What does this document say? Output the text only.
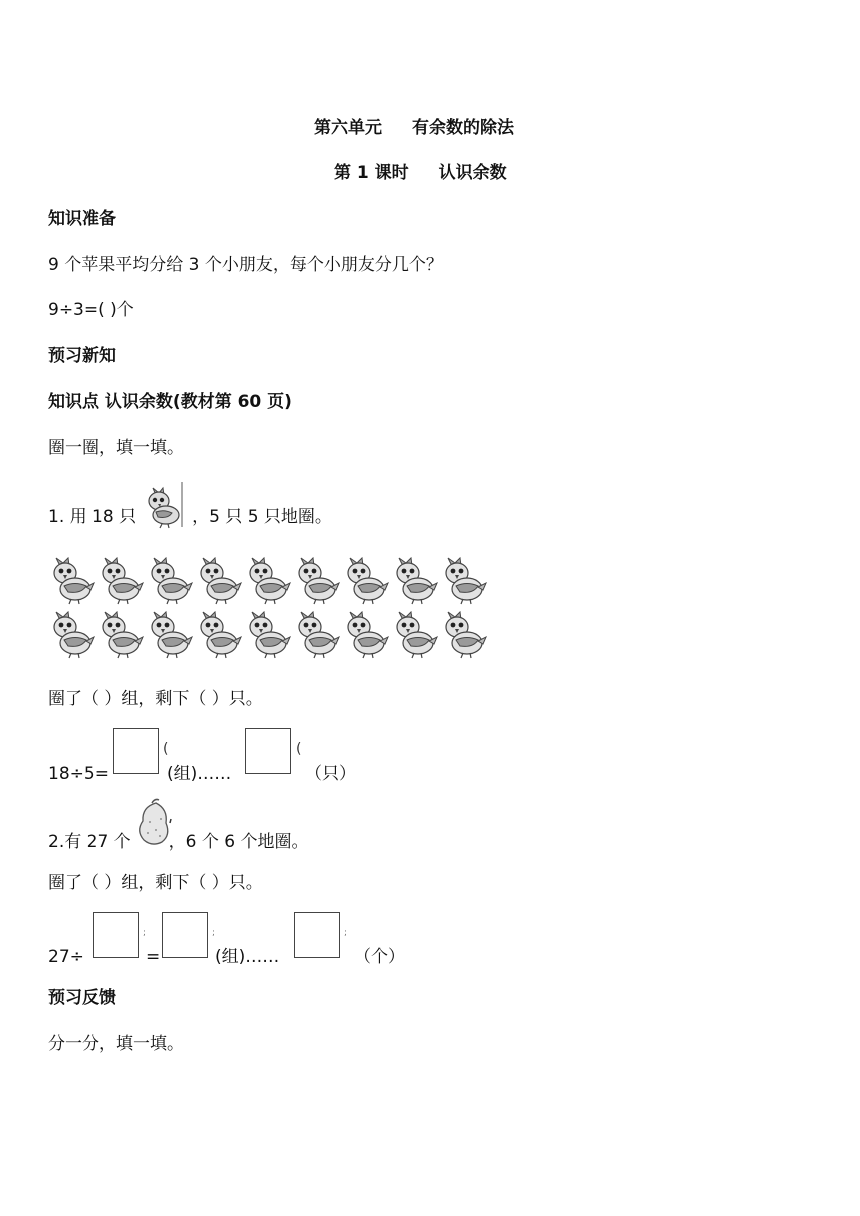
第六单元 有余数的除法
第 1 课时 认识余数
知识准备
9 个苹果平均分给 3 个小朋友，每个小朋友分几个？
9÷3=( )个
预习新知
知识点 认识余数(教材第 60 页)
圈一圈，填一填。
1. 用 18 只	，5 只 5 只地圈。
圈了（ ）组，剩下（ ）只。
18÷5=
(
(组)……
(
（只）
2.有 27 个 ，6 个 6 个地圈。
圈了（ ）组，剩下（ ）只。
27÷
;
=
;
(组)……
;
（个）
预习反馈
分一分，填一填。
